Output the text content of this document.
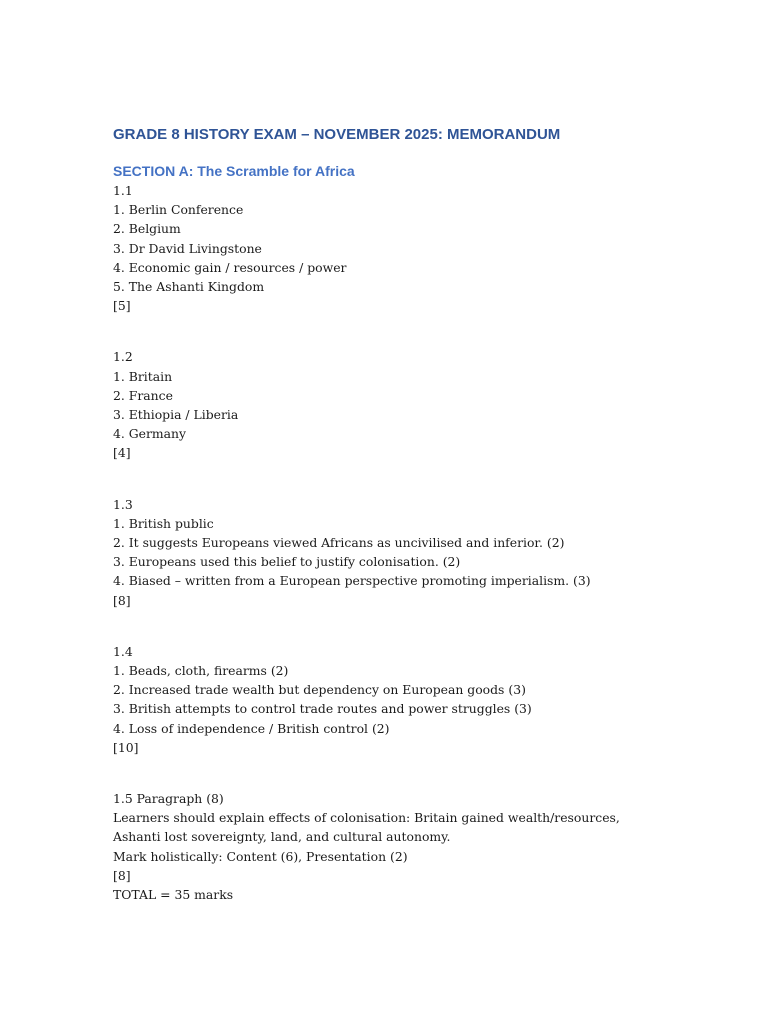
GRADE 8 HISTORY EXAM – NOVEMBER 2025: MEMORANDUM
SECTION A: The Scramble for Africa

1.1

1. Berlin Conference

2. Belgium

3. Dr David Livingstone

4. Economic gain / resources / power

5. The Ashanti Kingdom

[5]

1.2

1. Britain

2. France

3. Ethiopia / Liberia

4. Germany

[4]

1.3

1. British public

2. It suggests Europeans viewed Africans as uncivilised and inferior. (2)

3. Europeans used this belief to justify colonisation. (2)

4. Biased – written from a European perspective promoting imperialism. (3)

[8]

1.4

1. Beads, cloth, firearms (2)

2. Increased trade wealth but dependency on European goods (3)

3. British attempts to control trade routes and power struggles (3)

4. Loss of independence / British control (2)

[10]

1.5 Paragraph (8)

Learners should explain effects of colonisation: Britain gained wealth/resources, Ashanti lost sovereignty, land, and cultural autonomy.

Mark holistically: Content (6), Presentation (2)

[8]

TOTAL = 35 marks
